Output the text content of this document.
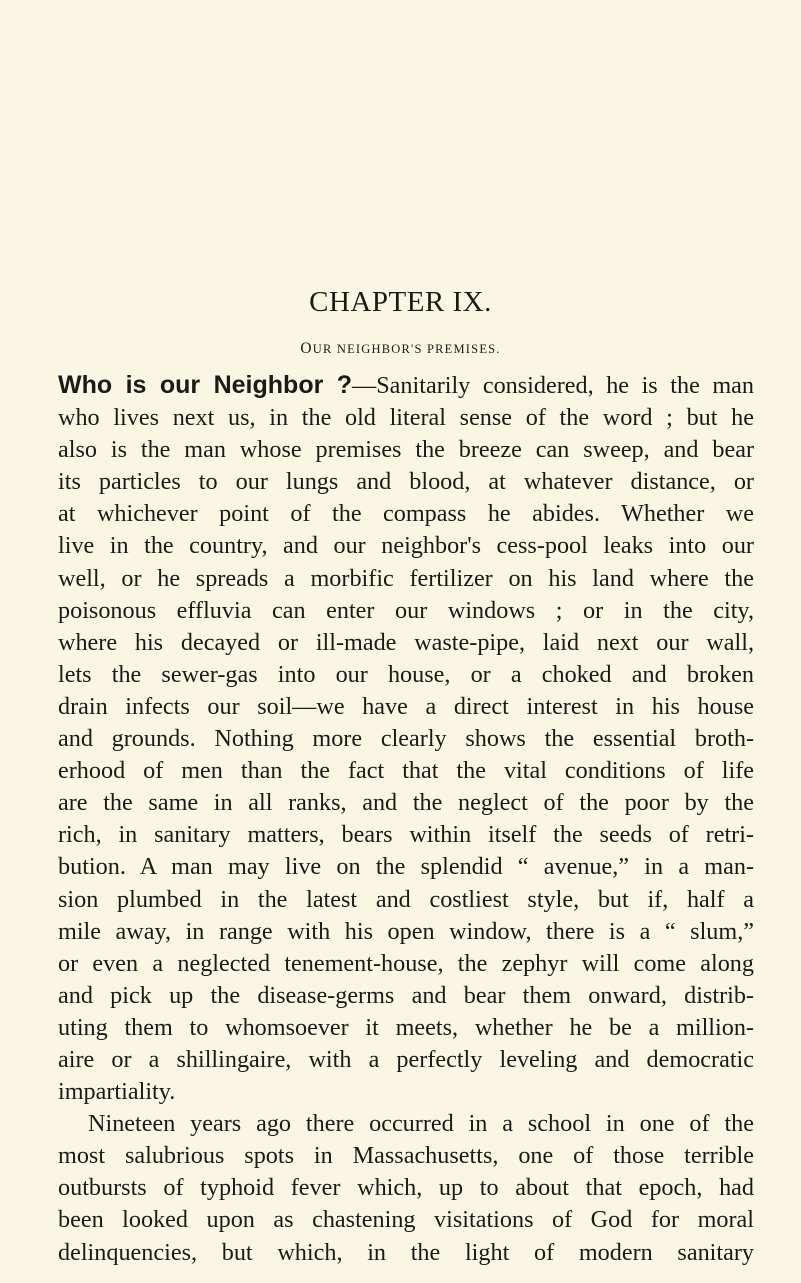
CHAPTER IX.
OUR NEIGHBOR'S PREMISES.
Who is our Neighbor ?—Sanitarily considered, he is the man
who lives next us, in the old literal sense of the word ; but he
also is the man whose premises the breeze can sweep, and bear
its particles to our lungs and blood, at whatever distance, or
at whichever point of the compass he abides. Whether we
live in the country, and our neighbor's cess-pool leaks into our
well, or he spreads a morbific fertilizer on his land where the
poisonous effluvia can enter our windows ; or in the city,
where his decayed or ill-made waste-pipe, laid next our wall,
lets the sewer-gas into our house, or a choked and broken
drain infects our soil—we have a direct interest in his house
and grounds. Nothing more clearly shows the essential broth-
erhood of men than the fact that the vital conditions of life
are the same in all ranks, and the neglect of the poor by the
rich, in sanitary matters, bears within itself the seeds of retri-
bution. A man may live on the splendid “ avenue,” in a man-
sion plumbed in the latest and costliest style, but if, half a
mile away, in range with his open window, there is a “ slum,”
or even a neglected tenement-house, the zephyr will come along
and pick up the disease-germs and bear them onward, distrib-
uting them to whomsoever it meets, whether he be a million-
aire or a shillingaire, with a perfectly leveling and democratic
impartiality.
Nineteen years ago there occurred in a school in one of the
most salubrious spots in Massachusetts, one of those terrible
outbursts of typhoid fever which, up to about that epoch, had
been looked upon as chastening visitations of God for moral
delinquencies, but which, in the light of modern sanitary
